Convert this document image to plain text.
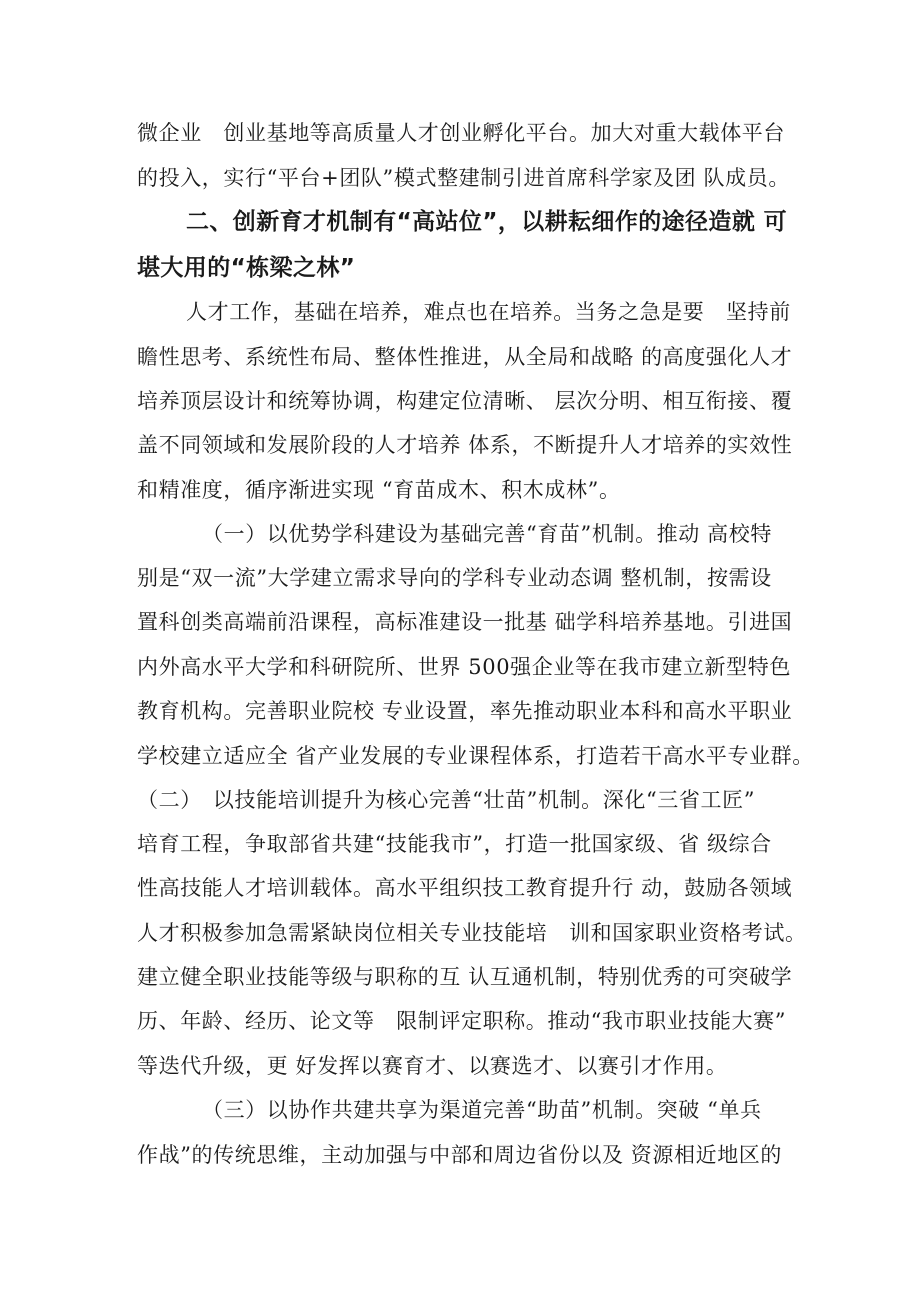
微企业　创业基地等高质量人才创业孵化平台。加大对重大载体平台
的投入，实行“平台+团队”模式整建制引进首席科学家及团 队成员。
二、创新育才机制有“高站位”，以耕耘细作的途径造就 可
堪大用的“栋梁之林”
人才工作，基础在培养，难点也在培养。当务之急是要　坚持前
瞻性思考、系统性布局、整体性推进，从全局和战略 的高度强化人才
培养顶层设计和统筹协调，构建定位清晰、 层次分明、相互衔接、覆
盖不同领域和发展阶段的人才培养 体系，不断提升人才培养的实效性
和精准度，循序渐进实现 “育苗成木、积木成林”。
（一）以优势学科建设为基础完善“育苗”机制。推动 高校特
别是“双一流”大学建立需求导向的学科专业动态调 整机制，按需设
置科创类高端前沿课程，高标准建设一批基 础学科培养基地。引进国
内外高水平大学和科研院所、世界 500强企业等在我市建立新型特色
教育机构。完善职业院校 专业设置，率先推动职业本科和高水平职业
学校建立适应全 省产业发展的专业课程体系，打造若干高水平专业群。
（二）　以技能培训提升为核心完善“壮苗”机制。深化“三省工匠”
培育工程，争取部省共建“技能我市”，打造一批国家级、省 级综合
性高技能人才培训载体。高水平组织技工教育提升行 动，鼓励各领域
人才积极参加急需紧缺岗位相关专业技能培　训和国家职业资格考试。
建立健全职业技能等级与职称的互 认互通机制，特别优秀的可突破学
历、年龄、经历、论文等　限制评定职称。推动“我市职业技能大赛”
等迭代升级，更 好发挥以赛育才、以赛选才、以赛引才作用。
（三）以协作共建共享为渠道完善“助苗”机制。突破 “单兵
作战”的传统思维，主动加强与中部和周边省份以及 资源相近地区的
